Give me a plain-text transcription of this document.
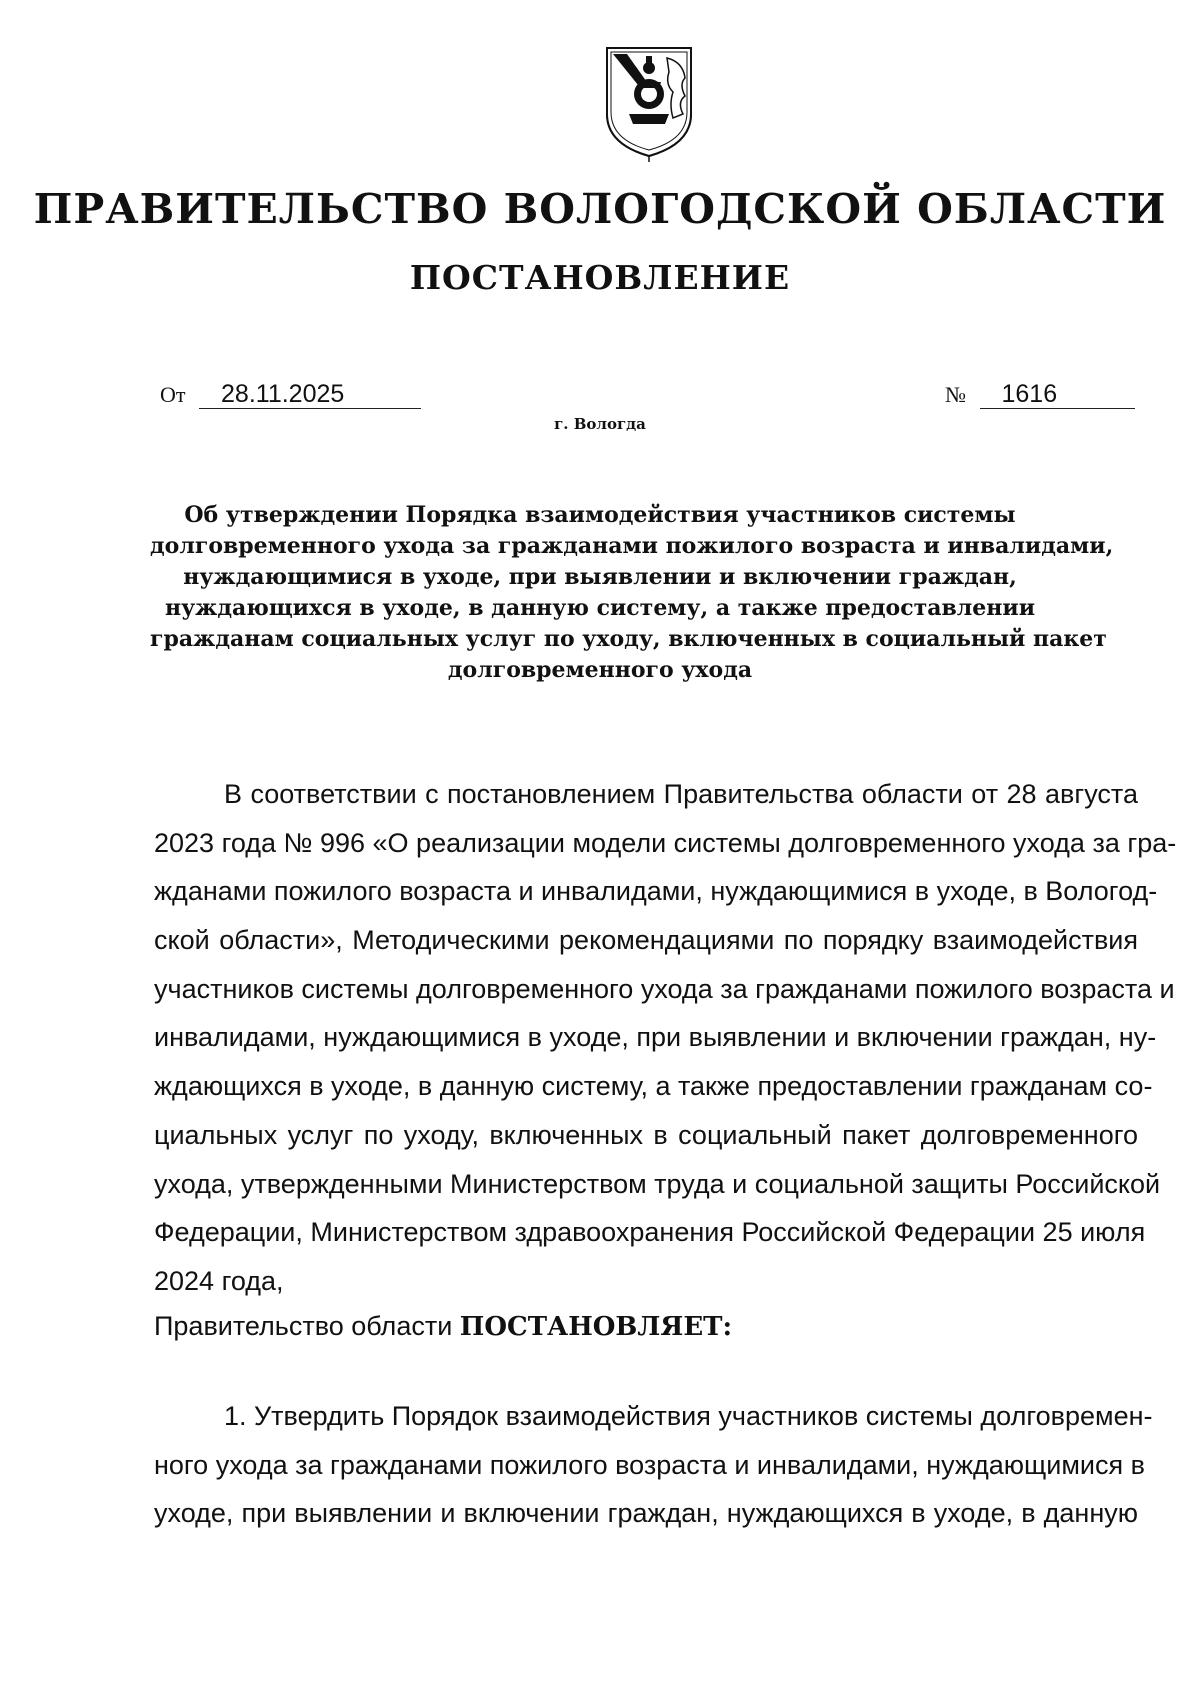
ПРАВИТЕЛЬСТВО ВОЛОГОДСКОЙ ОБЛАСТИ
ПОСТАНОВЛЕНИЕ
От 28.11.2025	№ 1616
г. Вологда
Об утверждении Порядка взаимодействия участников системы
долговременного ухода за гражданами пожилого возраста и инвалидами,
нуждающимися в уходе, при выявлении и включении граждан,
нуждающихся в уходе, в данную систему, а также предоставлении
гражданам социальных услуг по уходу, включенных в социальный пакет
долговременного ухода
В соответствии с постановлением Правительства области от 28 августа
2023 года № 996 «О реализации модели системы долговременного ухода за гра-
жданами пожилого возраста и инвалидами, нуждающимися в уходе, в Вологод-
ской области», Методическими рекомендациями по порядку взаимодействия
участников системы долговременного ухода за гражданами пожилого возраста и
инвалидами, нуждающимися в уходе, при выявлении и включении граждан, ну-
ждающихся в уходе, в данную систему, а также предоставлении гражданам со-
циальных услуг по уходу, включенных в социальный пакет долговременного
ухода, утвержденными Министерством труда и социальной защиты Российской
Федерации, Министерством здравоохранения Российской Федерации 25 июля
2024 года,
Правительство области ПОСТАНОВЛЯЕТ:
1. Утвердить Порядок взаимодействия участников системы долговремен-
ного ухода за гражданами пожилого возраста и инвалидами, нуждающимися в
уходе, при выявлении и включении граждан, нуждающихся в уходе, в данную
